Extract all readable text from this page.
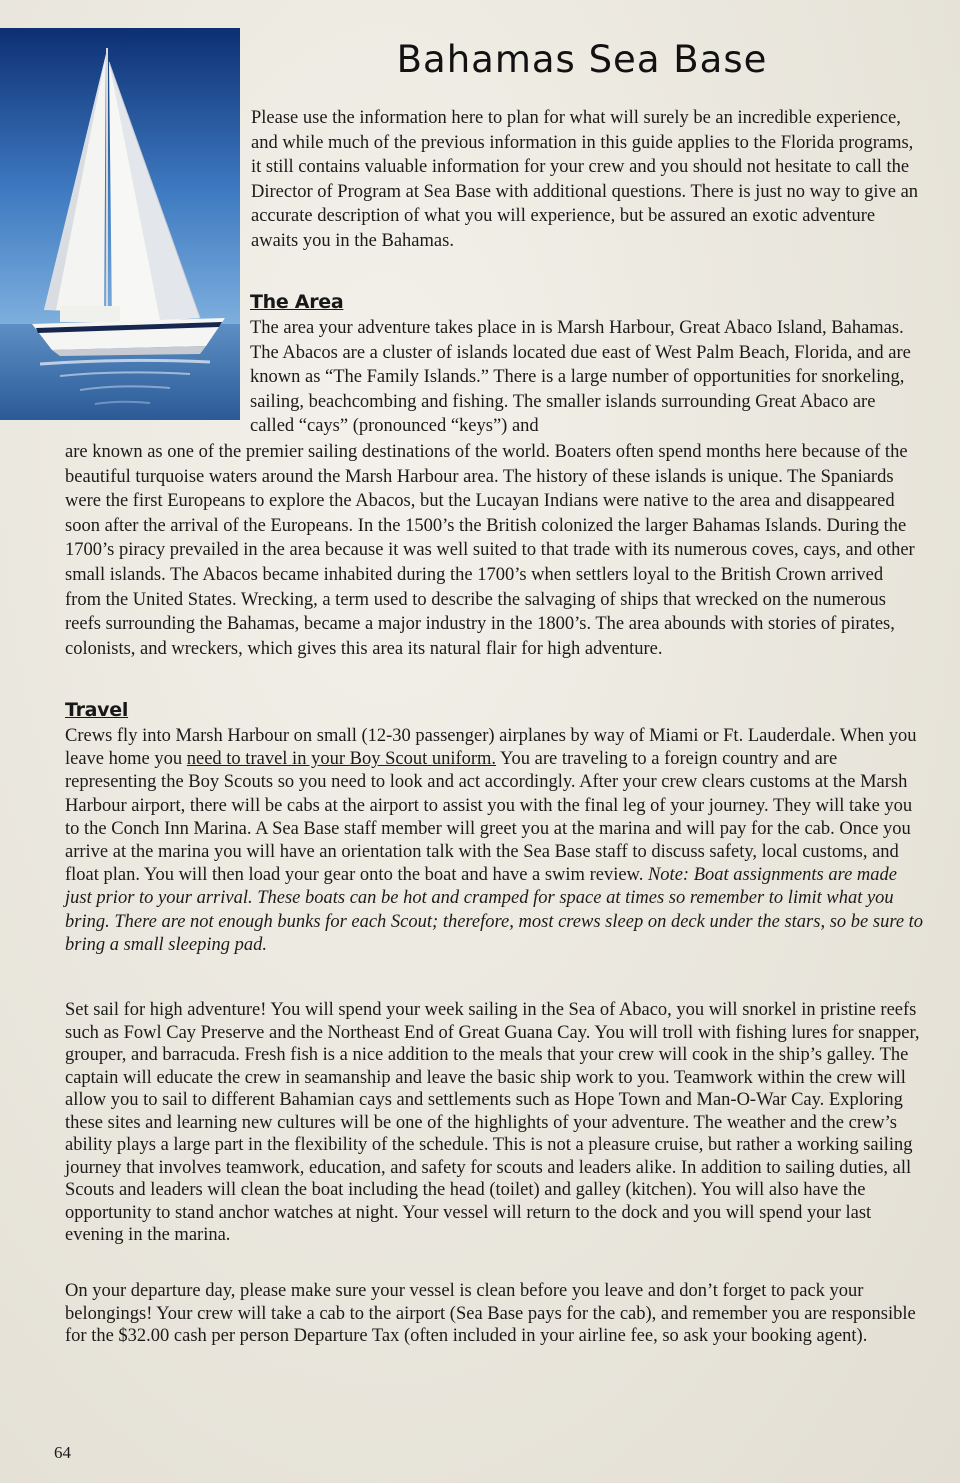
Bahamas Sea Base

Please use the information here to plan for what will surely be an incredible experience, and while much of the previous information in this guide applies to the Florida programs, it still contains valuable information for your crew and you should not hesitate to call the Director of Program at Sea Base with additional questions. There is just no way to give an accurate description of what you will experience, but be assured an exotic adventure awaits you in the Bahamas.

The Area

The area your adventure takes place in is Marsh Harbour, Great Abaco Island, Bahamas. The Abacos are a cluster of islands located due east of West Palm Beach, Florida, and are known as “The Family Islands.” There is a large number of opportunities for snorkeling, sailing, beachcombing and fishing. The smaller islands surrounding Great Abaco are called “cays” (pronounced “keys”) and

are known as one of the premier sailing destinations of the world. Boaters often spend months here because of the beautiful turquoise waters around the Marsh Harbour area. The history of these islands is unique. The Spaniards were the first Europeans to explore the Abacos, but the Lucayan Indians were native to the area and disappeared soon after the arrival of the Europeans. In the 1500’s the British colonized the larger Bahamas Islands. During the 1700’s piracy prevailed in the area because it was well suited to that trade with its numerous coves, cays, and other small islands. The Abacos became inhabited during the 1700’s when settlers loyal to the British Crown arrived from the United States. Wrecking, a term used to describe the salvaging of ships that wrecked on the numerous reefs surrounding the Bahamas, became a major industry in the 1800’s. The area abounds with stories of pirates, colonists, and wreckers, which gives this area its natural flair for high adventure.

Travel

Crews fly into Marsh Harbour on small (12-30 passenger) airplanes by way of Miami or Ft. Lauderdale. When you leave home you need to travel in your Boy Scout uniform. You are traveling to a foreign country and are representing the Boy Scouts so you need to look and act accordingly. After your crew clears customs at the Marsh Harbour airport, there will be cabs at the airport to assist you with the final leg of your journey. They will take you to the Conch Inn Marina. A Sea Base staff member will greet you at the marina and will pay for the cab. Once you arrive at the marina you will have an orientation talk with the Sea Base staff to discuss safety, local customs, and float plan. You will then load your gear onto the boat and have a swim review. Note: Boat assignments are made just prior to your arrival. These boats can be hot and cramped for space at times so remember to limit what you bring. There are not enough bunks for each Scout; therefore, most crews sleep on deck under the stars, so be sure to bring a small sleeping pad.

Set sail for high adventure! You will spend your week sailing in the Sea of Abaco, you will snorkel in pristine reefs such as Fowl Cay Preserve and the Northeast End of Great Guana Cay. You will troll with fishing lures for snapper, grouper, and barracuda. Fresh fish is a nice addition to the meals that your crew will cook in the ship’s galley. The captain will educate the crew in seamanship and leave the basic ship work to you. Teamwork within the crew will allow you to sail to different Bahamian cays and settlements such as Hope Town and Man-O-War Cay. Exploring these sites and learning new cultures will be one of the highlights of your adventure. The weather and the crew’s ability plays a large part in the flexibility of the schedule. This is not a pleasure cruise, but rather a working sailing journey that involves teamwork, education, and safety for scouts and leaders alike. In addition to sailing duties, all Scouts and leaders will clean the boat including the head (toilet) and galley (kitchen). You will also have the opportunity to stand anchor watches at night. Your vessel will return to the dock and you will spend your last evening in the marina.

On your departure day, please make sure your vessel is clean before you leave and don’t forget to pack your belongings! Your crew will take a cab to the airport (Sea Base pays for the cab), and remember you are responsible for the $32.00 cash per person Departure Tax (often included in your airline fee, so ask your booking agent).

64
